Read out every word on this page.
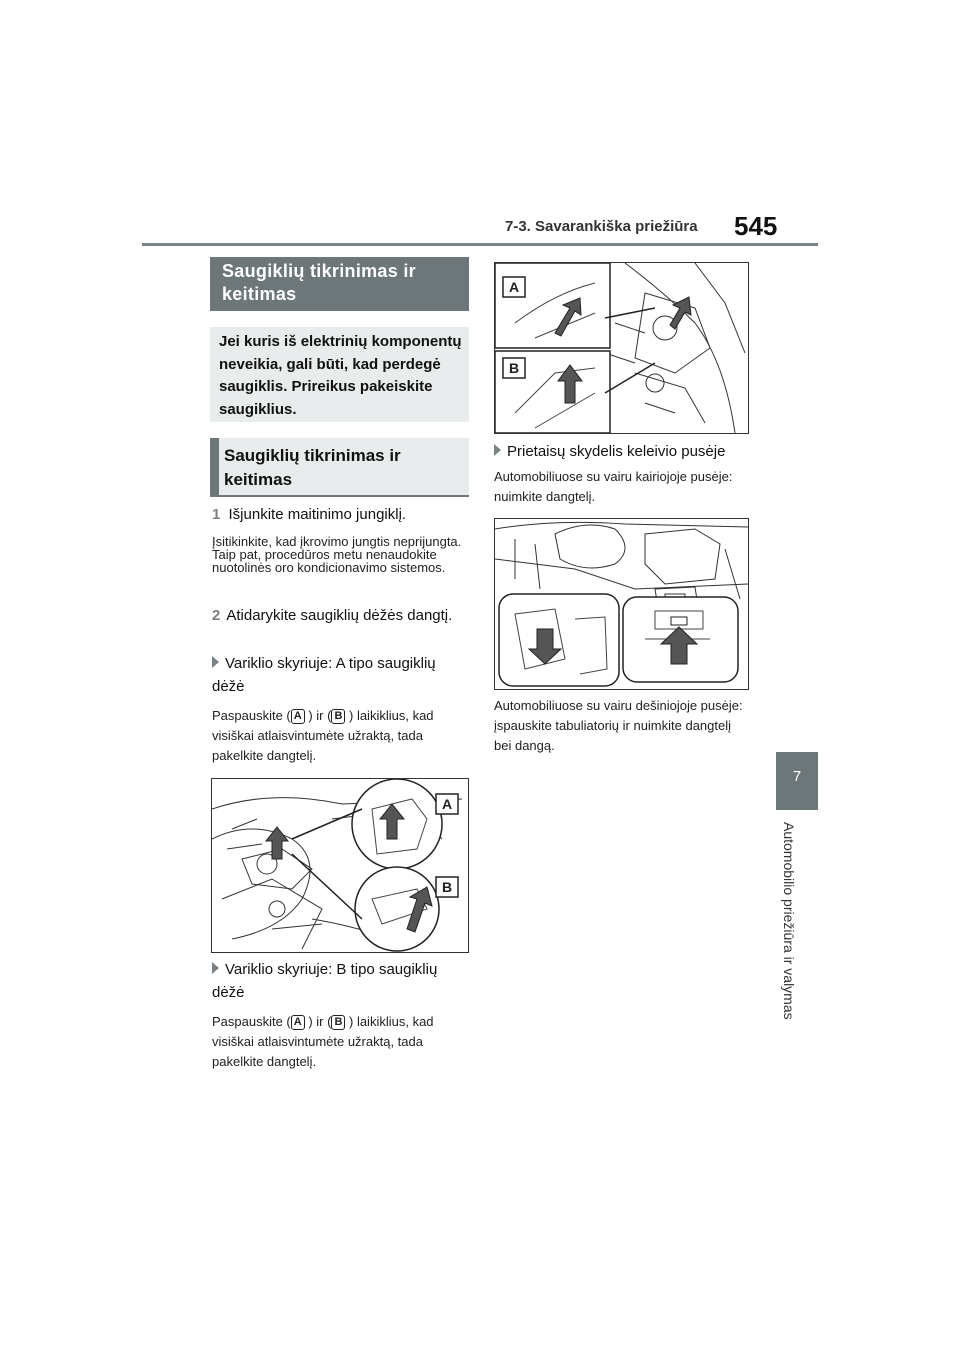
7-3. Savarankiška priežiūra 545
7
Automobilio priežiūra ir valymas
Saugiklių tikrinimas ir keitimas
Jei kuris iš elektrinių komponentų neveikia, gali būti, kad perdegė saugiklis. Prireikus pakeiskite saugiklius.
Saugiklių tikrinimas ir keitimas
1 Išjunkite maitinimo jungiklį.
Įsitikinkite, kad įkrovimo jungtis neprijungta. Taip pat, procedūros metu nenaudokite nuotolinės oro kondicionavimo sistemos.
2 Atidarykite saugiklių dėžės dangtį.
Variklio skyriuje: A tipo saugiklių dėžė
Paspauskite ( A ) ir ( B ) laikiklius, kad visiškai atlaisvintumėte užraktą, tada pakelkite dangtelį.
A
B
Variklio skyriuje: B tipo saugiklių dėžė
Paspauskite ( A ) ir ( B ) laikiklius, kad visiškai atlaisvintumėte užraktą, tada pakelkite dangtelį.
A
B
Prietaisų skydelis keleivio pusėje
Automobiliuose su vairu kairiojoje pusėje: nuimkite dangtelį.
Automobiliuose su vairu dešiniojoje pusėje: įspauskite tabuliatorių ir nuimkite dangtelį bei dangą.
